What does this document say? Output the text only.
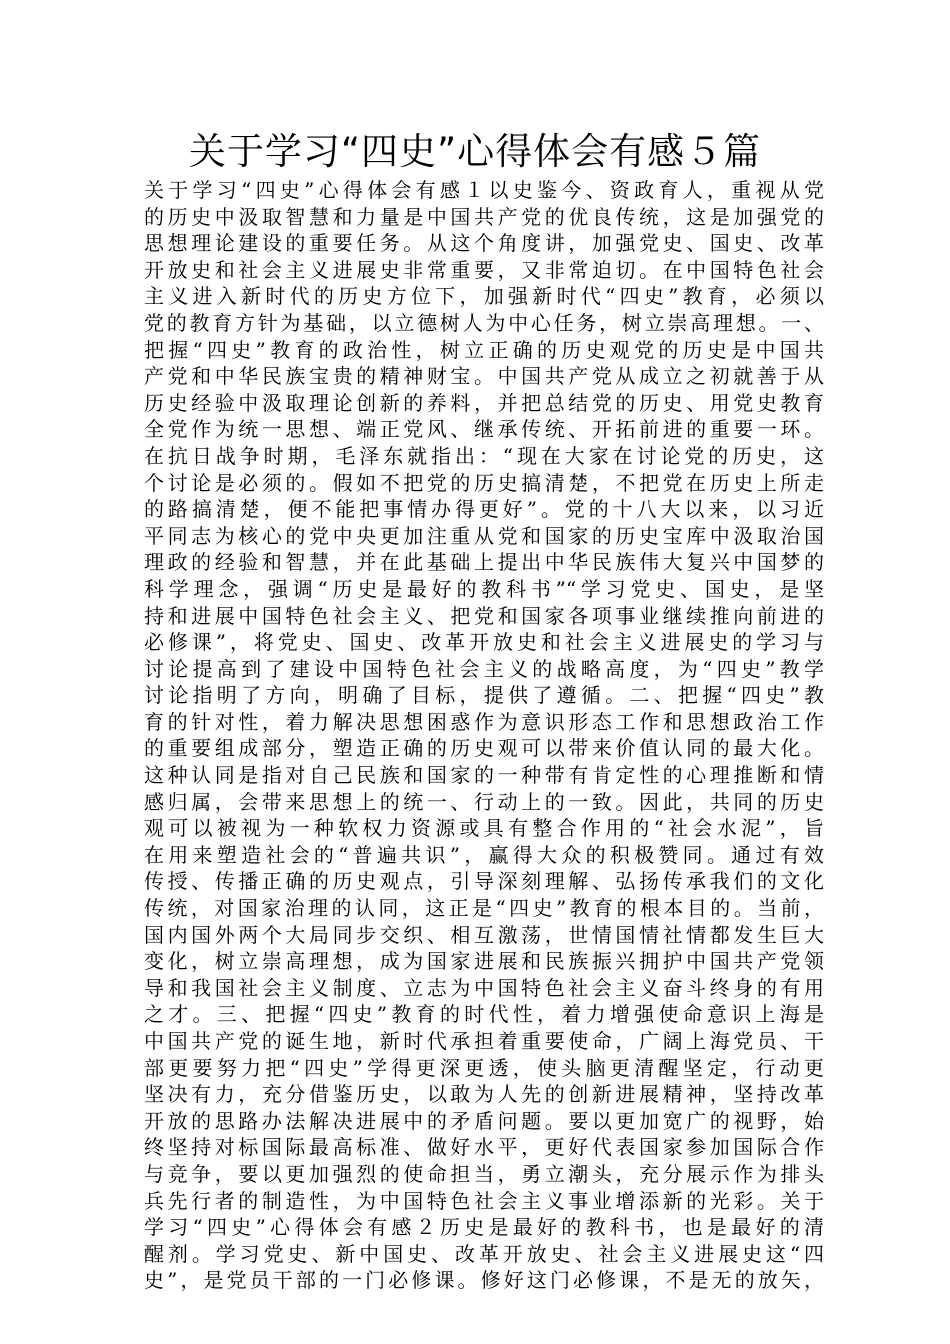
关于学习“四史”心得体会有感５篇
关于学习“四史”心得体会有感１以史鉴今、资政育人，重视从党
的历史中汲取智慧和力量是中国共产党的优良传统，这是加强党的
思想理论建设的重要任务。从这个角度讲，加强党史、国史、改革
开放史和社会主义进展史非常重要，又非常迫切。在中国特色社会
主义进入新时代的历史方位下，加强新时代“四史”教育，必须以
党的教育方针为基础，以立德树人为中心任务，树立崇高理想。一、
把握“四史”教育的政治性，树立正确的历史观党的历史是中国共
产党和中华民族宝贵的精神财宝。中国共产党从成立之初就善于从
历史经验中汲取理论创新的养料，并把总结党的历史、用党史教育
全党作为统一思想、端正党风、继承传统、开拓前进的重要一环。
在抗日战争时期，毛泽东就指出：“现在大家在讨论党的历史，这
个讨论是必须的。假如不把党的历史搞清楚，不把党在历史上所走
的路搞清楚，便不能把事情办得更好”。党的十八大以来，以习近
平同志为核心的党中央更加注重从党和国家的历史宝库中汲取治国
理政的经验和智慧，并在此基础上提出中华民族伟大复兴中国梦的
科学理念，强调“历史是最好的教科书”“学习党史、国史，是坚
持和进展中国特色社会主义、把党和国家各项事业继续推向前进的
必修课”，将党史、国史、改革开放史和社会主义进展史的学习与
讨论提高到了建设中国特色社会主义的战略高度，为“四史”教学
讨论指明了方向，明确了目标，提供了遵循。二、把握“四史”教
育的针对性，着力解决思想困惑作为意识形态工作和思想政治工作
的重要组成部分，塑造正确的历史观可以带来价值认同的最大化。
这种认同是指对自己民族和国家的一种带有肯定性的心理推断和情
感归属，会带来思想上的统一、行动上的一致。因此，共同的历史
观可以被视为一种软权力资源或具有整合作用的“社会水泥”，旨
在用来塑造社会的“普遍共识”，赢得大众的积极赞同。通过有效
传授、传播正确的历史观点，引导深刻理解、弘扬传承我们的文化
传统，对国家治理的认同，这正是“四史”教育的根本目的。当前，
国内国外两个大局同步交织、相互激荡，世情国情社情都发生巨大
变化，树立崇高理想，成为国家进展和民族振兴拥护中国共产党领
导和我国社会主义制度、立志为中国特色社会主义奋斗终身的有用
之才。三、把握“四史”教育的时代性，着力增强使命意识上海是
中国共产党的诞生地，新时代承担着重要使命，广阔上海党员、干
部更要努力把“四史”学得更深更透，使头脑更清醒坚定，行动更
坚决有力，充分借鉴历史，以敢为人先的创新进展精神，坚持改革
开放的思路办法解决进展中的矛盾问题。要以更加宽广的视野，始
终坚持对标国际最高标准、做好水平，更好代表国家参加国际合作
与竞争，要以更加强烈的使命担当，勇立潮头，充分展示作为排头
兵先行者的制造性，为中国特色社会主义事业增添新的光彩。关于
学习“四史”心得体会有感２历史是最好的教科书，也是最好的清
醒剂。学习党史、新中国史、改革开放史、社会主义进展史这“四
史”，是党员干部的一门必修课。修好这门必修课，不是无的放矢，
